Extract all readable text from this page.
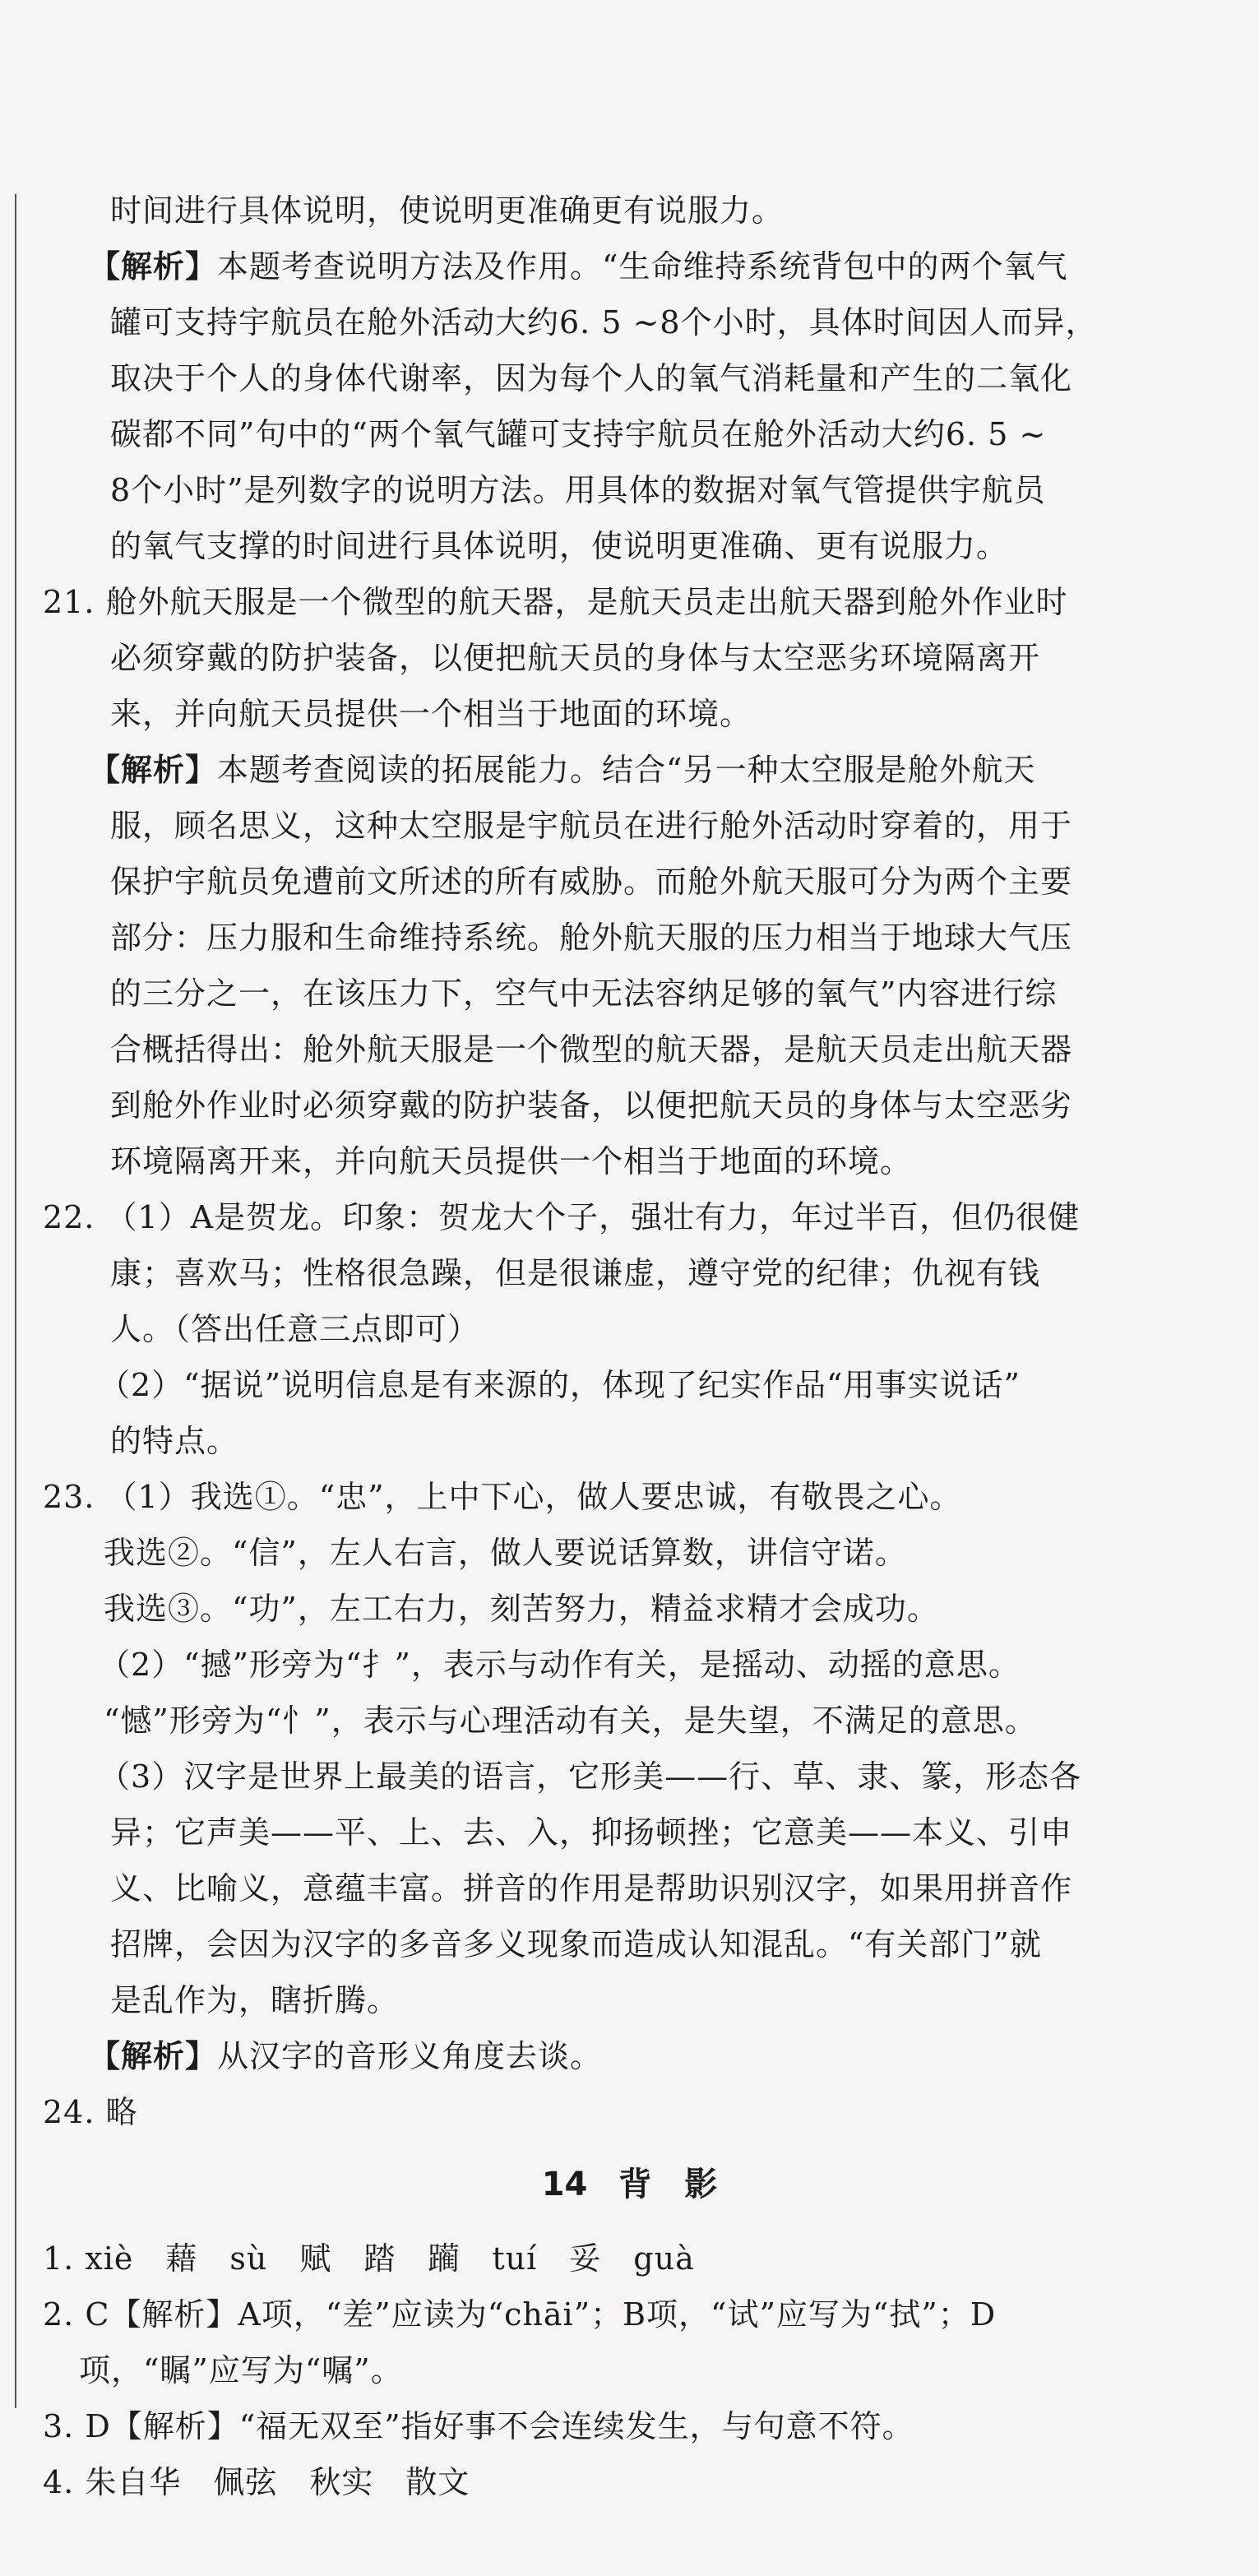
时间进行具体说明，使说明更准确更有说服力。
【解析】本题考查说明方法及作用。“生命维持系统背包中的两个氧气
罐可支持宇航员在舱外活动大约6. 5 ~8个小时，具体时间因人而异，
取决于个人的身体代谢率，因为每个人的氧气消耗量和产生的二氧化
碳都不同”句中的“两个氧气罐可支持宇航员在舱外活动大约6. 5 ~
8个小时”是列数字的说明方法。用具体的数据对氧气管提供宇航员
的氧气支撑的时间进行具体说明，使说明更准确、更有说服力。
21. 舱外航天服是一个微型的航天器，是航天员走出航天器到舱外作业时
必须穿戴的防护装备，以便把航天员的身体与太空恶劣环境隔离开
来，并向航天员提供一个相当于地面的环境。
【解析】本题考查阅读的拓展能力。结合“另一种太空服是舱外航天
服，顾名思义，这种太空服是宇航员在进行舱外活动时穿着的，用于
保护宇航员免遭前文所述的所有威胁。而舱外航天服可分为两个主要
部分：压力服和生命维持系统。舱外航天服的压力相当于地球大气压
的三分之一，在该压力下，空气中无法容纳足够的氧气”内容进行综
合概括得出：舱外航天服是一个微型的航天器，是航天员走出航天器
到舱外作业时必须穿戴的防护装备，以便把航天员的身体与太空恶劣
环境隔离开来，并向航天员提供一个相当于地面的环境。
22. （1）A是贺龙。印象：贺龙大个子，强壮有力，年过半百，但仍很健
康；喜欢马；性格很急躁，但是很谦虚，遵守党的纪律；仇视有钱
人。（答出任意三点即可）
（2）“据说”说明信息是有来源的，体现了纪实作品“用事实说话”
的特点。
23. （1）我选①。“忠”，上中下心，做人要忠诚，有敬畏之心。
我选②。“信”，左人右言，做人要说话算数，讲信守诺。
我选③。“功”，左工右力，刻苦努力，精益求精才会成功。
（2）“撼”形旁为“扌”，表示与动作有关，是摇动、动摇的意思。
“憾”形旁为“忄”，表示与心理活动有关，是失望，不满足的意思。
（3）汉字是世界上最美的语言，它形美——行、草、隶、篆，形态各
异；它声美——平、上、去、入，抑扬顿挫；它意美——本义、引申
义、比喻义，意蕴丰富。拼音的作用是帮助识别汉字，如果用拼音作
招牌，会因为汉字的多音多义现象而造成认知混乱。“有关部门”就
是乱作为，瞎折腾。
【解析】从汉字的音形义角度去谈。
24. 略
1. xiè　藉　sù　赋　踏　躏　tuí　妥　guà
2. C【解析】A项，“差”应读为“chāi”；B项，“试”应写为“拭”；D
项，“瞩”应写为“嘱”。
3. D【解析】“福无双至”指好事不会连续发生，与句意不符。
4. 朱自华　佩弦　秋实　散文
14 背　影
